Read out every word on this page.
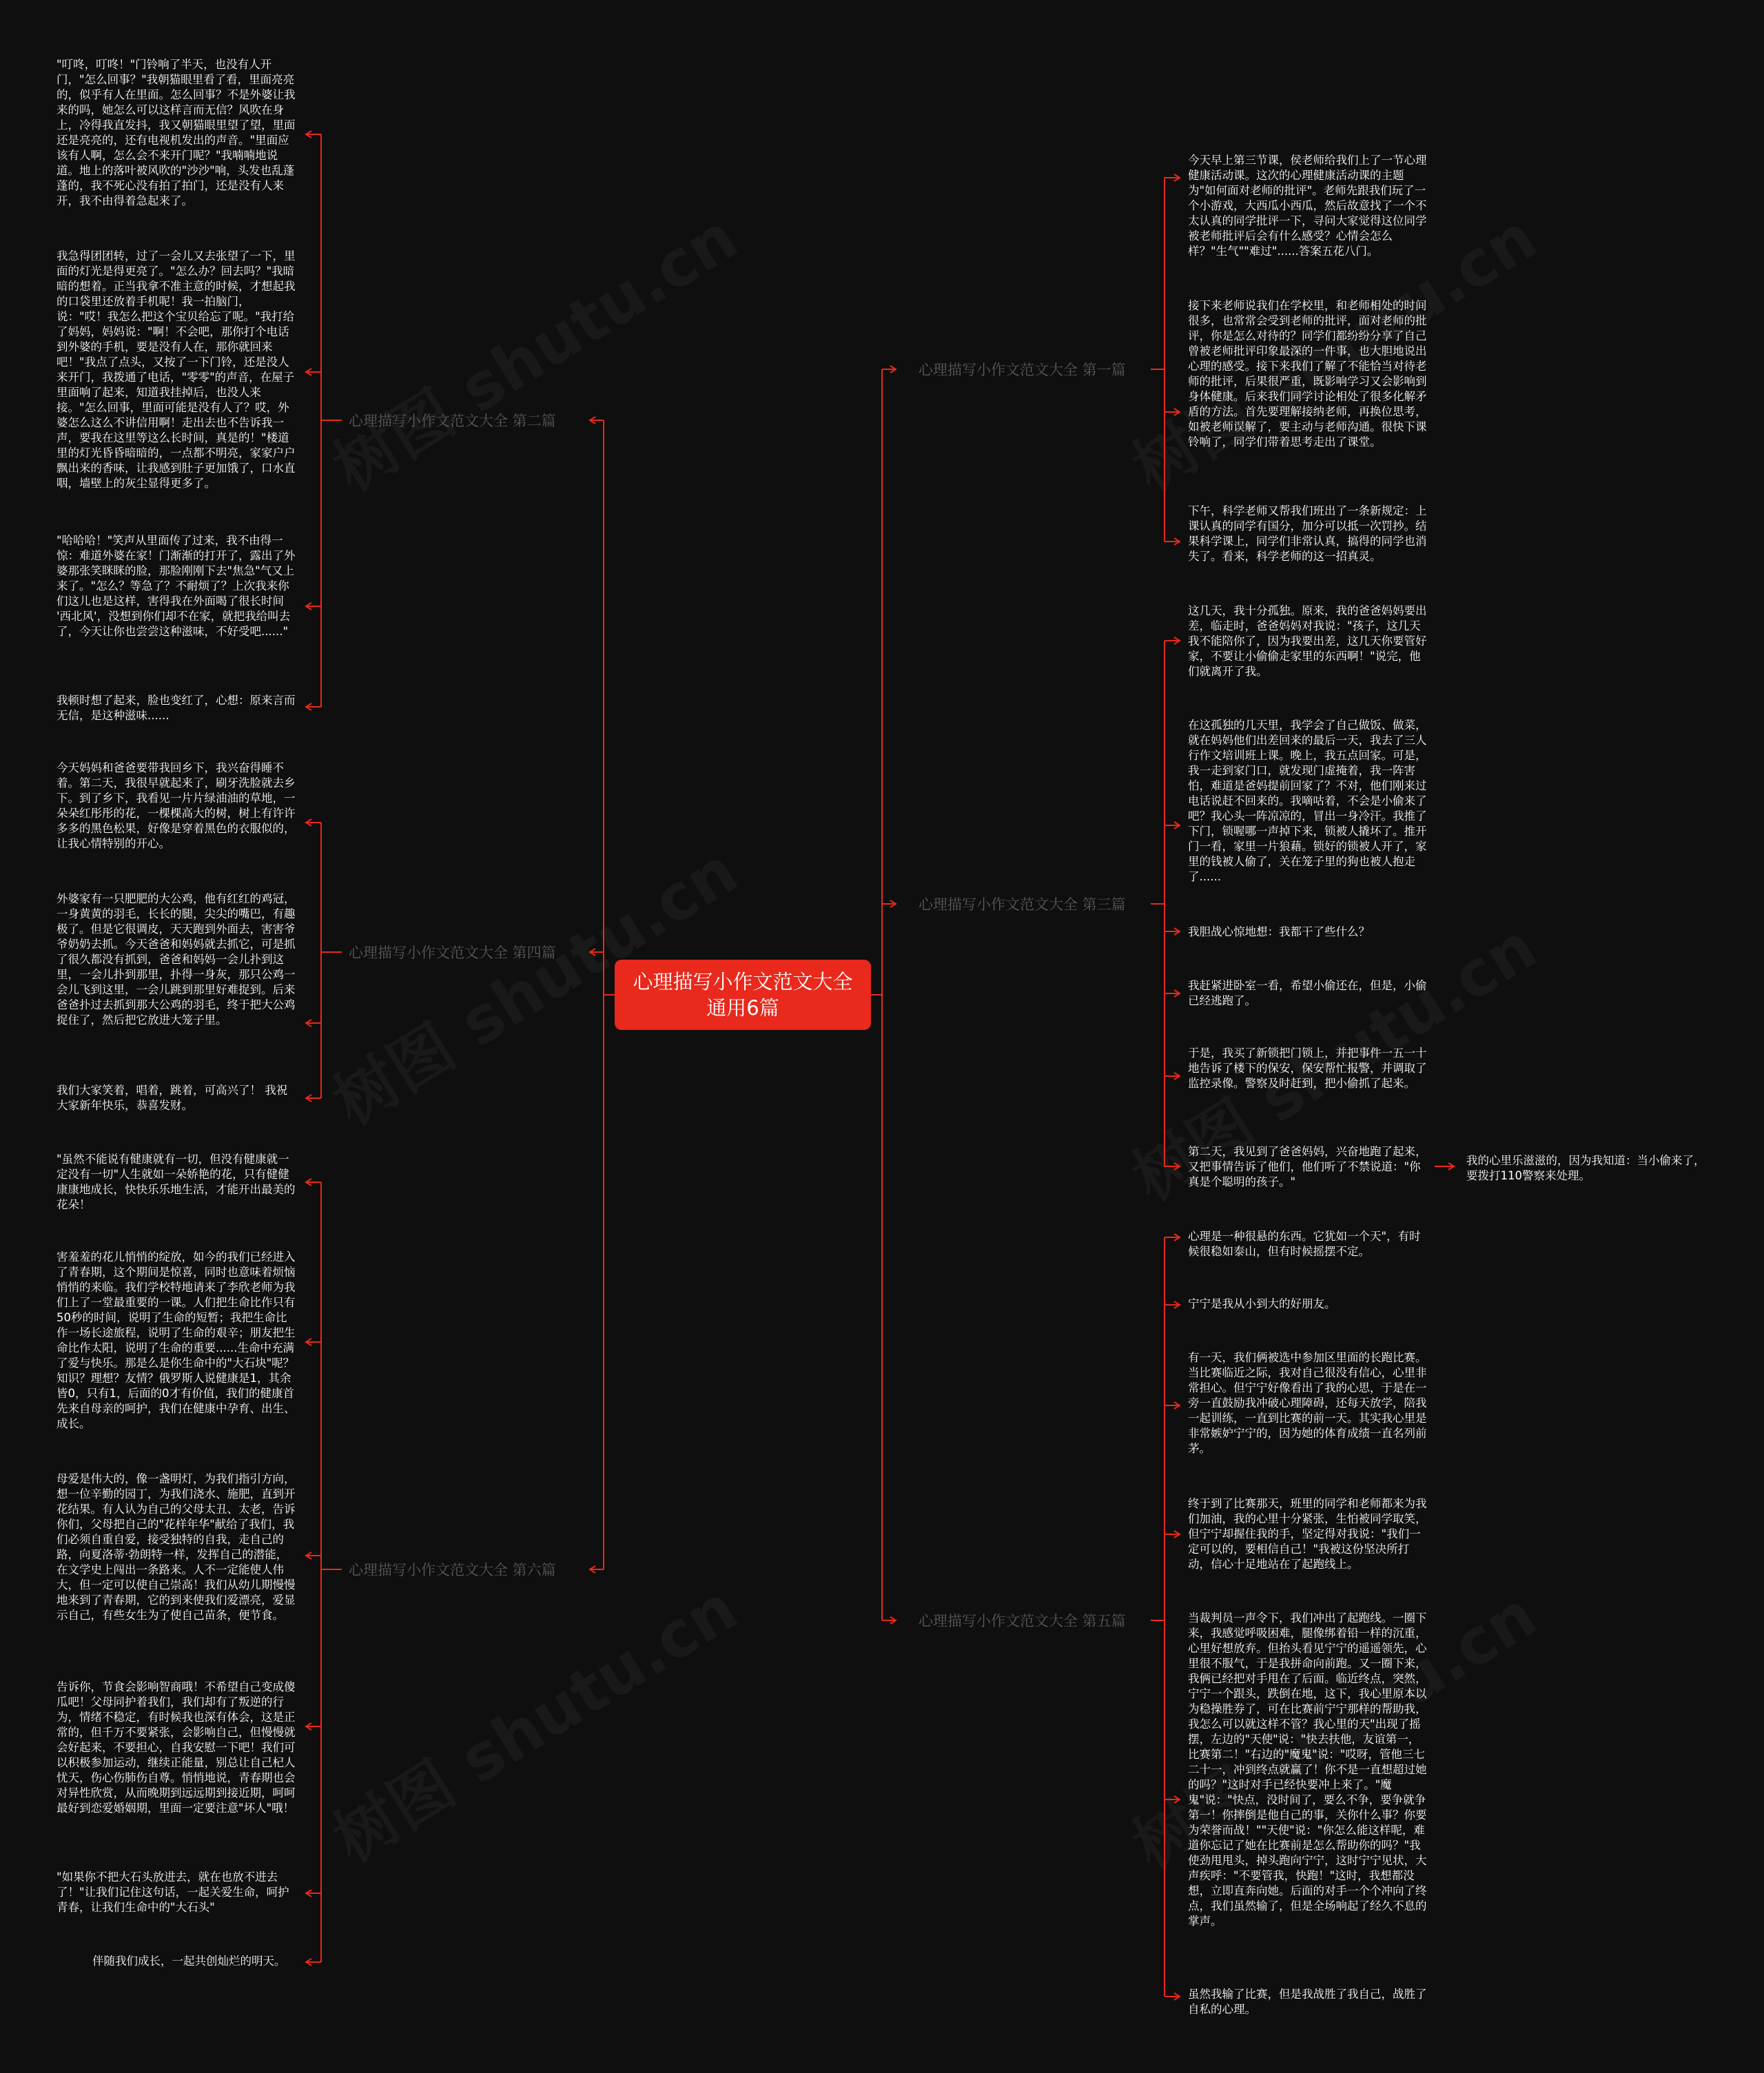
心理描写小作文范文大全通用6篇
心理描写小作文范文大全 第一篇
今天早上第三节课，侯老师给我们上了一节心理健康活动课。这次的心理健康活动课的主题为"如何面对老师的批评"。老师先跟我们玩了一个小游戏，大西瓜小西瓜，然后故意找了一个不太认真的同学批评一下，寻问大家觉得这位同学被老师批评后会有什么感受？心情会怎么样？"生气""难过"......答案五花八门。
接下来老师说我们在学校里，和老师相处的时间很多，也常常会受到老师的批评，面对老师的批评，你是怎么对待的？同学们都纷纷分享了自己曾被老师批评印象最深的一件事，也大胆地说出心理的感受。接下来我们了解了不能恰当对待老师的批评，后果很严重，既影响学习又会影响到身体健康。后来我们同学讨论相处了很多化解矛盾的方法。首先要理解接纳老师，再换位思考，如被老师误解了，要主动与老师沟通。很快下课铃响了，同学们带着思考走出了课堂。
下午，科学老师又帮我们班出了一条新规定：上课认真的同学有国分，加分可以抵一次罚抄。结果科学课上，同学们非常认真，搞得的同学也消失了。看来，科学老师的这一招真灵。
心理描写小作文范文大全 第三篇
这几天，我十分孤独。原来，我的爸爸妈妈要出差，临走时，爸爸妈妈对我说："孩子，这几天我不能陪你了，因为我要出差，这几天你要管好家，不要让小偷偷走家里的东西啊！"说完，他们就离开了我。
在这孤独的几天里，我学会了自己做饭、做菜，就在妈妈他们出差回来的最后一天，我去了三人行作文培训班上课。晚上，我五点回家。可是，我一走到家门口，就发现门虚掩着，我一阵害怕，难道是爸妈提前回家了？不对，他们刚来过电话说赶不回来的。我嘀咕着，不会是小偷来了吧？我心头一阵凉凉的，冒出一身冷汗。我推了下门，锁喔哪一声掉下来，锁被人撬坏了。推开门一看，家里一片狼藉。锁好的锁被人开了，家里的钱被人偷了，关在笼子里的狗也被人抱走了......
我胆战心惊地想：我都干了些什么？
我赶紧进卧室一看，希望小偷还在，但是，小偷已经逃跑了。
于是，我买了新锁把门锁上，并把事件一五一十地告诉了楼下的保安，保安帮忙报警，并调取了监控录像。警察及时赶到，把小偷抓了起来。
第二天，我见到了爸爸妈妈，兴奋地跑了起来，又把事情告诉了他们，他们听了不禁说道："你真是个聪明的孩子。"
我的心里乐滋滋的，因为我知道：当小偷来了，要拨打110警察来处理。
心理描写小作文范文大全 第五篇
心理是一种很悬的东西。它犹如一个天"，有时候很稳如泰山，但有时候摇摆不定。
宁宁是我从小到大的好朋友。
有一天，我们俩被选中参加区里面的长跑比赛。当比赛临近之际，我对自己很没有信心，心里非常担心。但宁宁好像看出了我的心思，于是在一旁一直鼓励我冲破心理障碍，还每天放学，陪我一起训练，一直到比赛的前一天。其实我心里是非常嫉妒宁宁的，因为她的体育成绩一直名列前茅。
终于到了比赛那天，班里的同学和老师都来为我们加油，我的心里十分紧张，生怕被同学取笑，但宁宁却握住我的手，坚定得对我说："我们一定可以的，要相信自己！"我被这份坚决所打动，信心十足地站在了起跑线上。
当裁判员一声令下，我们冲出了起跑线。一圈下来，我感觉呼吸困难，腿像绑着铅一样的沉重，心里好想放弃。但抬头看见宁宁的遥遥领先，心里很不服气，于是我拼命向前跑。又一圈下来，我俩已经把对手甩在了后面。临近终点，突然，宁宁一个跟头，跌倒在地，这下，我心里原本以为稳操胜券了，可在比赛前宁宁那样的帮助我，我怎么可以就这样不管？我心里的天"出现了摇摆，左边的"天使"说："快去扶他，友谊第一，比赛第二！"右边的"魔鬼"说："哎呀，管他三七二十一，冲到终点就赢了！你不是一直想超过她的吗？"这时对手已经快要冲上来了。"魔鬼"说："快点，没时间了，要么不争，要争就争第一！你摔倒是他自己的事，关你什么事？你要为荣誉而战！""天使"说："你怎么能这样呢，难道你忘记了她在比赛前是怎么帮助你的吗？"我使劲甩甩头，掉头跑向宁宁，这时宁宁见状，大声疾呼："不要管我，快跑！"这时，我想都没想，立即直奔向她。后面的对手一个个冲向了终点，我们虽然输了，但是全场响起了经久不息的掌声。
虽然我输了比赛，但是我战胜了我自己，战胜了自私的心理。
心理描写小作文范文大全 第二篇
"叮咚，叮咚！"门铃响了半天，也没有人开门，"怎么回事？"我朝猫眼里看了看，里面亮亮的，似乎有人在里面。怎么回事？不是外婆让我来的吗，她怎么可以这样言而无信？风吹在身上，冷得我直发抖，我又朝猫眼里望了望，里面还是亮亮的，还有电视机发出的声音。"里面应该有人啊，怎么会不来开门呢？"我喃喃地说道。地上的落叶被风吹的"沙沙"响，头发也乱蓬蓬的，我不死心没有拍了拍门，还是没有人来开，我不由得着急起来了。
我急得团团转，过了一会儿又去张望了一下，里面的灯光是得更亮了。"怎么办？回去吗？"我暗暗的想着。正当我拿不准主意的时候，才想起我的口袋里还放着手机呢！我一拍脑门，说："哎！我怎么把这个宝贝给忘了呢。"我打给了妈妈，妈妈说："啊！不会吧，那你打个电话到外婆的手机，要是没有人在，那你就回来吧！"我点了点头，又按了一下门铃，还是没人来开门，我拨通了电话，"零零"的声音，在屋子里面响了起来，知道我挂掉后，也没人来接。"怎么回事，里面可能是没有人了？哎，外婆怎么这么不讲信用啊！走出去也不告诉我一声，要我在这里等这么长时间，真是的！"楼道里的灯光昏昏暗暗的，一点都不明亮，家家户户飘出来的香味，让我感到肚子更加饿了，口水直咽，墙壁上的灰尘显得更多了。
"哈哈哈！"笑声从里面传了过来，我不由得一惊：难道外婆在家！门渐渐的打开了，露出了外婆那张笑眯眯的脸，那脸刚刚下去"焦急"气又上来了。"怎么？等急了？不耐烦了？上次我来你们这儿也是这样，害得我在外面喝了很长时间 '西北风'，没想到你们却不在家，就把我给叫去了，今天让你也尝尝这种滋味，不好受吧......"
我顿时想了起来，脸也变红了，心想：原来言而无信，是这种滋味......
心理描写小作文范文大全 第四篇
今天妈妈和爸爸要带我回乡下，我兴奋得睡不着。第二天，我很早就起来了，刷牙洗脸就去乡下。到了乡下，我看见一片片绿油油的草地，一朵朵红彤彤的花，一棵棵高大的树，树上有许许多多的黑色松果，好像是穿着黑色的衣服似的，让我心情特别的开心。
外婆家有一只肥肥的大公鸡，他有红红的鸡冠，一身黄黄的羽毛，长长的腿，尖尖的嘴巴，有趣极了。但是它很调皮，天天跑到外面去，害害爷爷奶奶去抓。今天爸爸和妈妈就去抓它，可是抓了很久都没有抓到，爸爸和妈妈一会儿扑到这里，一会儿扑到那里，扑得一身灰，那只公鸡一会儿飞到这里，一会儿跳到那里好难捉到。后来爸爸扑过去抓到那大公鸡的羽毛，终于把大公鸡捉住了，然后把它放进大笼子里。
我们大家笑着，唱着，跳着，可高兴了！ 我祝大家新年快乐，恭喜发财。
心理描写小作文范文大全 第六篇
"虽然不能说有健康就有一切，但没有健康就一定没有一切"人生就如一朵娇艳的花，只有健健康康地成长，快快乐乐地生活，才能开出最美的花朵！
害羞羞的花儿悄悄的绽放，如今的我们已经进入了青春期，这个期间是惊喜，同时也意味着烦恼悄悄的来临。我们学校特地请来了李欣老师为我们上了一堂最重要的一课。人们把生命比作只有50秒的时间，说明了生命的短暂；我把生命比作一场长途旅程，说明了生命的艰辛；朋友把生命比作太阳，说明了生命的重要......生命中充满了爱与快乐。那是么是你生命中的"大石块"呢？知识？理想？友情？俄罗斯人说健康是1，其余皆0，只有1，后面的0才有价值，我们的健康首先来自母亲的呵护，我们在健康中孕育、出生、成长。
母爱是伟大的，像一盏明灯，为我们指引方向，想一位辛勤的园丁，为我们浇水、施肥，直到开花结果。有人认为自己的父母太丑、太老，告诉你们，父母把自己的"花样年华"献给了我们，我们必须自重自爱，接受独特的自我，走自己的路，向夏洛蒂·勃朗特一样，发挥自己的潜能，在文学史上闯出一条路来。人不一定能使人伟大，但一定可以使自己崇高！我们从幼儿期慢慢地来到了青春期，它的到来使我们爱漂亮，爱显示自己，有些女生为了使自己苗条，便节食。
告诉你，节食会影响智商哦！不希望自己变成傻瓜吧！父母同护着我们，我们却有了叛逆的行为，情绪不稳定，有时候我也深有体会，这是正常的，但千万不要紧张，会影响自己，但慢慢就会好起来，不要担心，自我安慰一下吧！我们可以积极参加运动，继续正能量，别总让自己杞人忧天，伤心伤肺伤自尊。悄悄地说，青春期也会对异性欣赏，从而晚期到远远期到接近期，呵呵最好到恋爱婚姻期，里面一定要注意"坏人"哦！
"如果你不把大石头放进去，就在也放不进去了！"让我们记住这句话，一起关爱生命，呵护青春，让我们生命中的"大石头"
伴随我们成长，一起共创灿烂的明天。
